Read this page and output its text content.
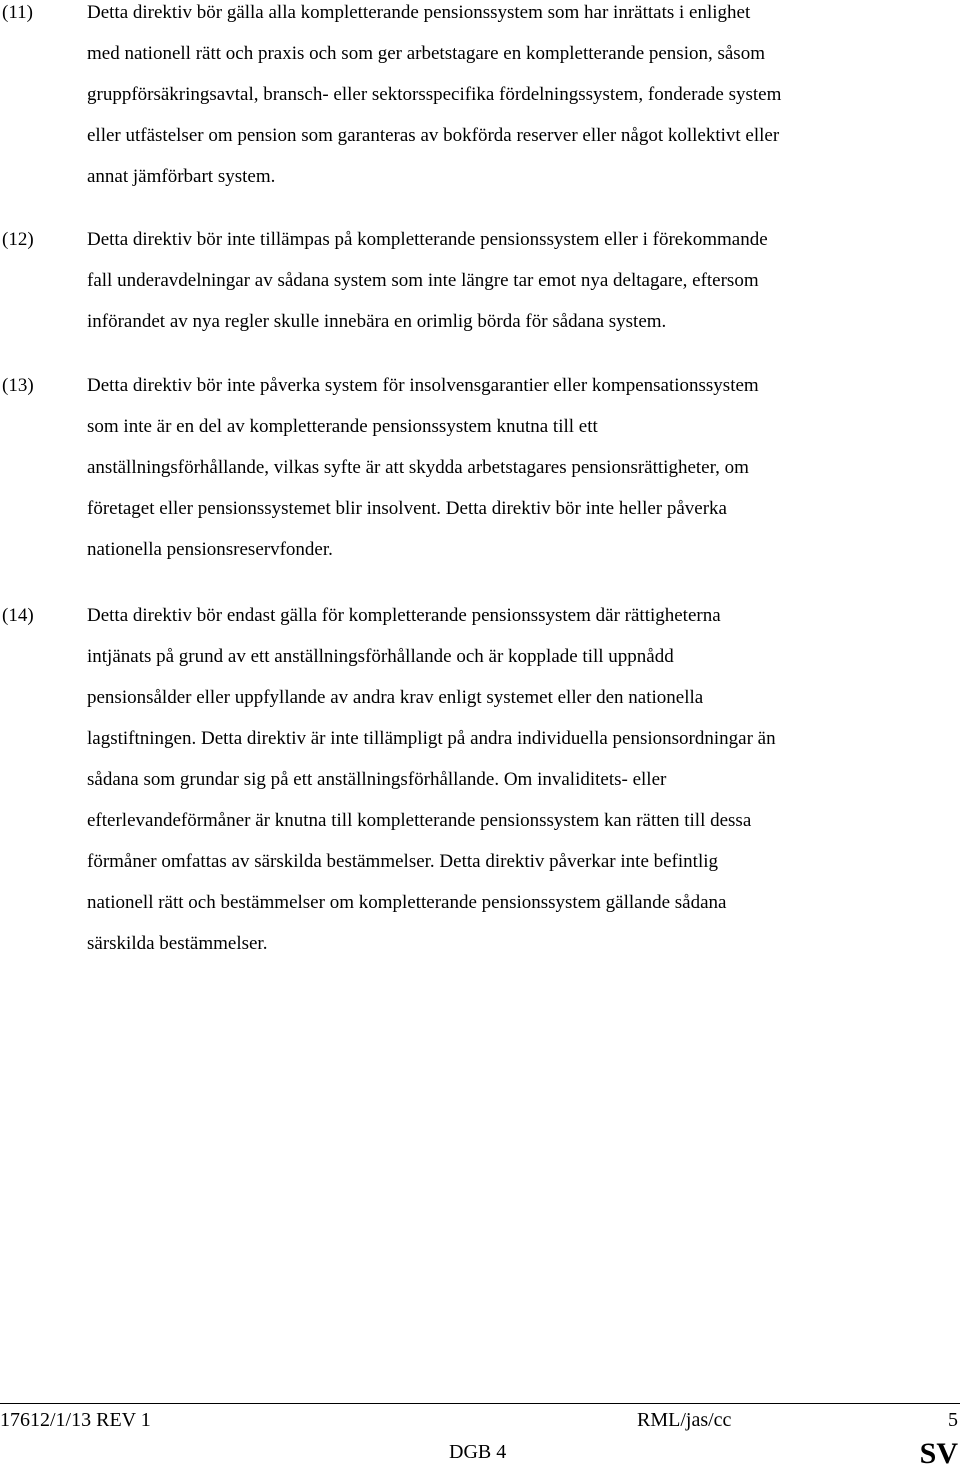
(11)	Detta direktiv bör gälla alla kompletterande pensionssystem som har inrättats i enlighet
med nationell rätt och praxis och som ger arbetstagare en kompletterande pension, såsom
gruppförsäkringsavtal, bransch- eller sektorsspecifika fördelningssystem, fonderade system
eller utfästelser om pension som garanteras av bokförda reserver eller något kollektivt eller
annat jämförbart system.

(12)	Detta direktiv bör inte tillämpas på kompletterande pensionssystem eller i förekommande
fall underavdelningar av sådana system som inte längre tar emot nya deltagare, eftersom
införandet av nya regler skulle innebära en orimlig börda för sådana system.

(13)	Detta direktiv bör inte påverka system för insolvensgarantier eller kompensationssystem
som inte är en del av kompletterande pensionssystem knutna till ett
anställningsförhållande, vilkas syfte är att skydda arbetstagares pensionsrättigheter, om
företaget eller pensionssystemet blir insolvent. Detta direktiv bör inte heller påverka
nationella pensionsreservfonder.

(14)	Detta direktiv bör endast gälla för kompletterande pensionssystem där rättigheterna
intjänats på grund av ett anställningsförhållande och är kopplade till uppnådd
pensionsålder eller uppfyllande av andra krav enligt systemet eller den nationella
lagstiftningen. Detta direktiv är inte tillämpligt på andra individuella pensionsordningar än
sådana som grundar sig på ett anställningsförhållande. Om invaliditets- eller
efterlevandeförmåner är knutna till kompletterande pensionssystem kan rätten till dessa
förmåner omfattas av särskilda bestämmelser. Detta direktiv påverkar inte befintlig
nationell rätt och bestämmelser om kompletterande pensionssystem gällande sådana
särskilda bestämmelser.

17612/1/13 REV 1	RML/jas/cc	5
DGB 4	SV
